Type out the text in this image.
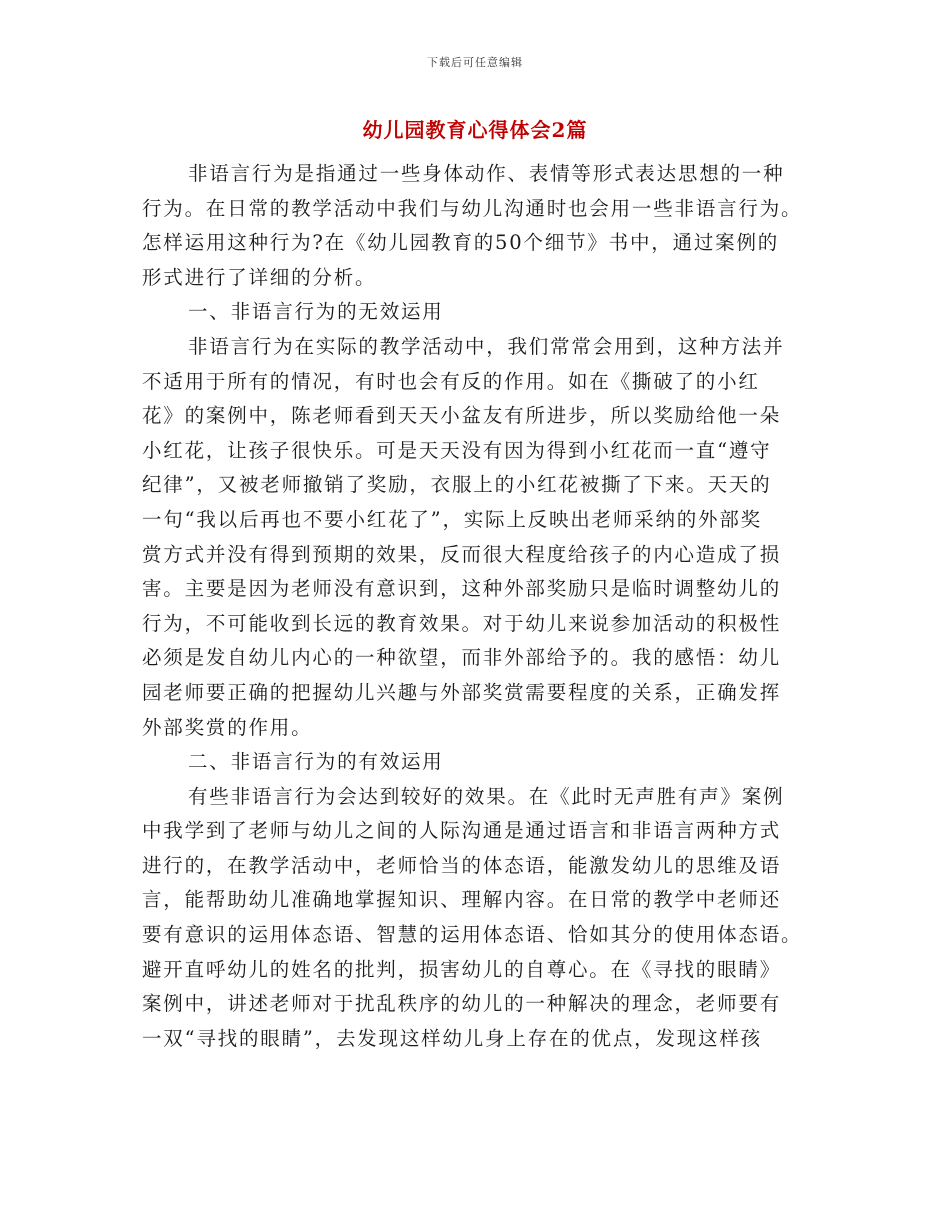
下载后可任意编辑
幼儿园教育心得体会2篇
非语言行为是指通过一些身体动作、表情等形式表达思想的一种
行为。在日常的教学活动中我们与幼儿沟通时也会用一些非语言行为。
怎样运用这种行为?在《幼儿园教育的50个细节》书中，通过案例的
形式进行了详细的分析。
一、非语言行为的无效运用
非语言行为在实际的教学活动中，我们常常会用到，这种方法并
不适用于所有的情况，有时也会有反的作用。如在《撕破了的小红
花》的案例中，陈老师看到天天小盆友有所进步，所以奖励给他一朵
小红花，让孩子很快乐。可是天天没有因为得到小红花而一直“遵守
纪律”，又被老师撤销了奖励，衣服上的小红花被撕了下来。天天的
一句“我以后再也不要小红花了”，实际上反映出老师采纳的外部奖
赏方式并没有得到预期的效果，反而很大程度给孩子的内心造成了损
害。主要是因为老师没有意识到，这种外部奖励只是临时调整幼儿的
行为，不可能收到长远的教育效果。对于幼儿来说参加活动的积极性
必须是发自幼儿内心的一种欲望，而非外部给予的。我的感悟：幼儿
园老师要正确的把握幼儿兴趣与外部奖赏需要程度的关系，正确发挥
外部奖赏的作用。
二、非语言行为的有效运用
有些非语言行为会达到较好的效果。在《此时无声胜有声》案例
中我学到了老师与幼儿之间的人际沟通是通过语言和非语言两种方式
进行的，在教学活动中，老师恰当的体态语，能激发幼儿的思维及语
言，能帮助幼儿准确地掌握知识、理解内容。在日常的教学中老师还
要有意识的运用体态语、智慧的运用体态语、恰如其分的使用体态语。
避开直呼幼儿的姓名的批判，损害幼儿的自尊心。在《寻找的眼睛》
案例中，讲述老师对于扰乱秩序的幼儿的一种解决的理念，老师要有
一双“寻找的眼睛”，去发现这样幼儿身上存在的优点，发现这样孩
